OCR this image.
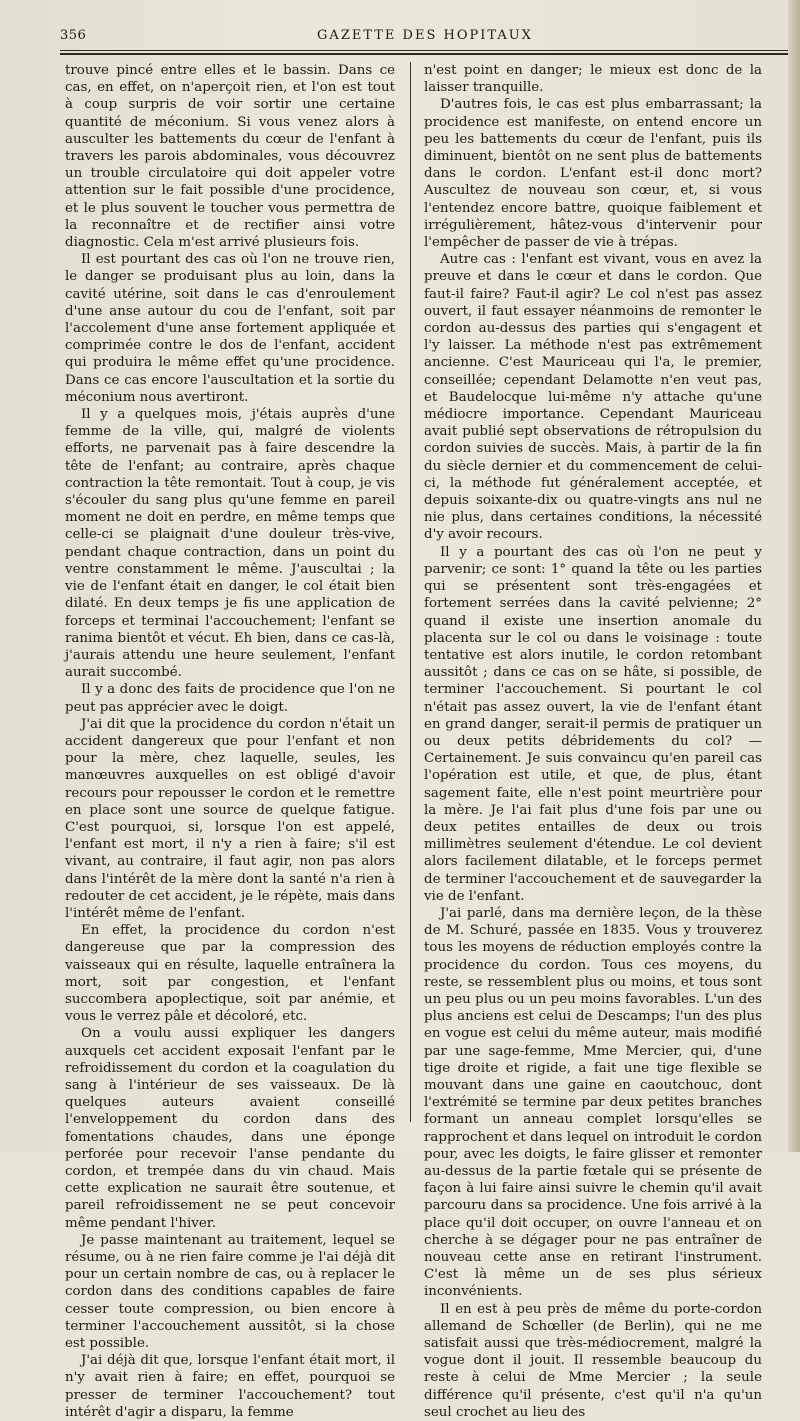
356	GAZETTE DES HOPITAUX

trouve pincé entre elles et le bassin. Dans ce cas, en effet, on n'aperçoit rien, et l'on est tout à coup surpris de voir sortir une certaine quantité de méconium. Si vous venez alors à ausculter les battements du cœur de l'enfant à travers les parois abdominales, vous découvrez un trouble circulatoire qui doit appeler votre attention sur le fait possible d'une procidence, et le plus souvent le toucher vous permettra de la reconnaître et de rectifier ainsi votre diagnostic. Cela m'est arrivé plusieurs fois.

Il est pourtant des cas où l'on ne trouve rien, le danger se produisant plus au loin, dans la cavité utérine, soit dans le cas d'enroulement d'une anse autour du cou de l'enfant, soit par l'accolement d'une anse fortement appliquée et comprimée contre le dos de l'enfant, accident qui produira le même effet qu'une procidence. Dans ce cas encore l'auscultation et la sortie du méconium nous avertiront.

Il y a quelques mois, j'étais auprès d'une femme de la ville, qui, malgré de violents efforts, ne parvenait pas à faire descendre la tête de l'enfant; au contraire, après chaque contraction la tête remontait. Tout à coup, je vis s'écouler du sang plus qu'une femme en pareil moment ne doit en perdre, en même temps que celle-ci se plaignait d'une douleur très-vive, pendant chaque contraction, dans un point du ventre constamment le même. J'auscultai ; la vie de l'enfant était en danger, le col était bien dilaté. En deux temps je fis une application de forceps et terminai l'accouchement; l'enfant se ranima bientôt et vécut. Eh bien, dans ce cas-là, j'aurais attendu une heure seulement, l'enfant aurait succombé.

Il y a donc des faits de procidence que l'on ne peut pas apprécier avec le doigt.

J'ai dit que la procidence du cordon n'était un accident dangereux que pour l'enfant et non pour la mère, chez laquelle, seules, les manœuvres auxquelles on est obligé d'avoir recours pour repousser le cordon et le remettre en place sont une source de quelque fatigue. C'est pourquoi, si, lorsque l'on est appelé, l'enfant est mort, il n'y a rien à faire; s'il est vivant, au contraire, il faut agir, non pas alors dans l'intérêt de la mère dont la santé n'a rien à redouter de cet accident, je le répète, mais dans l'intérêt même de l'enfant.

En effet, la procidence du cordon n'est dangereuse que par la compression des vaisseaux qui en résulte, laquelle entraînera la mort, soit par congestion, et l'enfant succombera apoplectique, soit par anémie, et vous le verrez pâle et décoloré, etc.

On a voulu aussi expliquer les dangers auxquels cet accident exposait l'enfant par le refroidissement du cordon et la coagulation du sang à l'intérieur de ses vaisseaux. De là quelques auteurs avaient conseillé l'enveloppement du cordon dans des fomentations chaudes, dans une éponge perforée pour recevoir l'anse pendante du cordon, et trempée dans du vin chaud. Mais cette explication ne saurait être soutenue, et pareil refroidissement ne se peut concevoir même pendant l'hiver.

Je passe maintenant au traitement, lequel se résume, ou à ne rien faire comme je l'ai déjà dit pour un certain nombre de cas, ou à replacer le cordon dans des conditions capables de faire cesser toute compression, ou bien encore à terminer l'accouchement aussitôt, si la chose est possible.

J'ai déjà dit que, lorsque l'enfant était mort, il n'y avait rien à faire; en effet, pourquoi se presser de terminer l'accouchement? tout intérêt d'agir a disparu, la femme

n'est point en danger; le mieux est donc de la laisser tranquille.

D'autres fois, le cas est plus embarrassant; la procidence est manifeste, on entend encore un peu les battements du cœur de l'enfant, puis ils diminuent, bientôt on ne sent plus de battements dans le cordon. L'enfant est-il donc mort? Auscultez de nouveau son cœur, et, si vous l'entendez encore battre, quoique faiblement et irrégulièrement, hâtez-vous d'intervenir pour l'empêcher de passer de vie à trépas.

Autre cas : l'enfant est vivant, vous en avez la preuve et dans le cœur et dans le cordon. Que faut-il faire? Faut-il agir? Le col n'est pas assez ouvert, il faut essayer néanmoins de remonter le cordon au-dessus des parties qui s'engagent et l'y laisser. La méthode n'est pas extrêmement ancienne. C'est Mauriceau qui l'a, le premier, conseillée; cependant Delamotte n'en veut pas, et Baudelocque lui-même n'y attache qu'une médiocre importance. Cependant Mauriceau avait publié sept observations de rétropulsion du cordon suivies de succès. Mais, à partir de la fin du siècle dernier et du commencement de celui-ci, la méthode fut généralement acceptée, et depuis soixante-dix ou quatre-vingts ans nul ne nie plus, dans certaines conditions, la nécessité d'y avoir recours.

Il y a pourtant des cas où l'on ne peut y parvenir; ce sont: 1° quand la tête ou les parties qui se présentent sont très-engagées et fortement serrées dans la cavité pelvienne; 2° quand il existe une insertion anomale du placenta sur le col ou dans le voisinage : toute tentative est alors inutile, le cordon retombant aussitôt ; dans ce cas on se hâte, si possible, de terminer l'accouchement. Si pourtant le col n'était pas assez ouvert, la vie de l'enfant étant en grand danger, serait-il permis de pratiquer un ou deux petits débridements du col? — Certainement. Je suis convaincu qu'en pareil cas l'opération est utile, et que, de plus, étant sagement faite, elle n'est point meurtrière pour la mère. Je l'ai fait plus d'une fois par une ou deux petites entailles de deux ou trois millimètres seulement d'étendue. Le col devient alors facilement dilatable, et le forceps permet de terminer l'accouchement et de sauvegarder la vie de l'enfant.

J'ai parlé, dans ma dernière leçon, de la thèse de M. Schuré, passée en 1835. Vous y trouverez tous les moyens de réduction employés contre la procidence du cordon. Tous ces moyens, du reste, se ressemblent plus ou moins, et tous sont un peu plus ou un peu moins favorables. L'un des plus anciens est celui de Descamps; l'un des plus en vogue est celui du même auteur, mais modifié par une sage-femme, Mme Mercier, qui, d'une tige droite et rigide, a fait une tige flexible se mouvant dans une gaine en caoutchouc, dont l'extrémité se termine par deux petites branches formant un anneau complet lorsqu'elles se rapprochent et dans lequel on introduit le cordon pour, avec les doigts, le faire glisser et remonter au-dessus de la partie fœtale qui se présente de façon à lui faire ainsi suivre le chemin qu'il avait parcouru dans sa procidence. Une fois arrivé à la place qu'il doit occuper, on ouvre l'anneau et on cherche à se dégager pour ne pas entraîner de nouveau cette anse en retirant l'instrument. C'est là même un de ses plus sérieux inconvénients.

Il en est à peu près de même du porte-cordon allemand de Schœller (de Berlin), qui ne me satisfait aussi que très-médiocrement, malgré la vogue dont il jouit. Il ressemble beaucoup du reste à celui de Mme Mercier ; la seule différence qu'il présente, c'est qu'il n'a qu'un seul crochet au lieu des
